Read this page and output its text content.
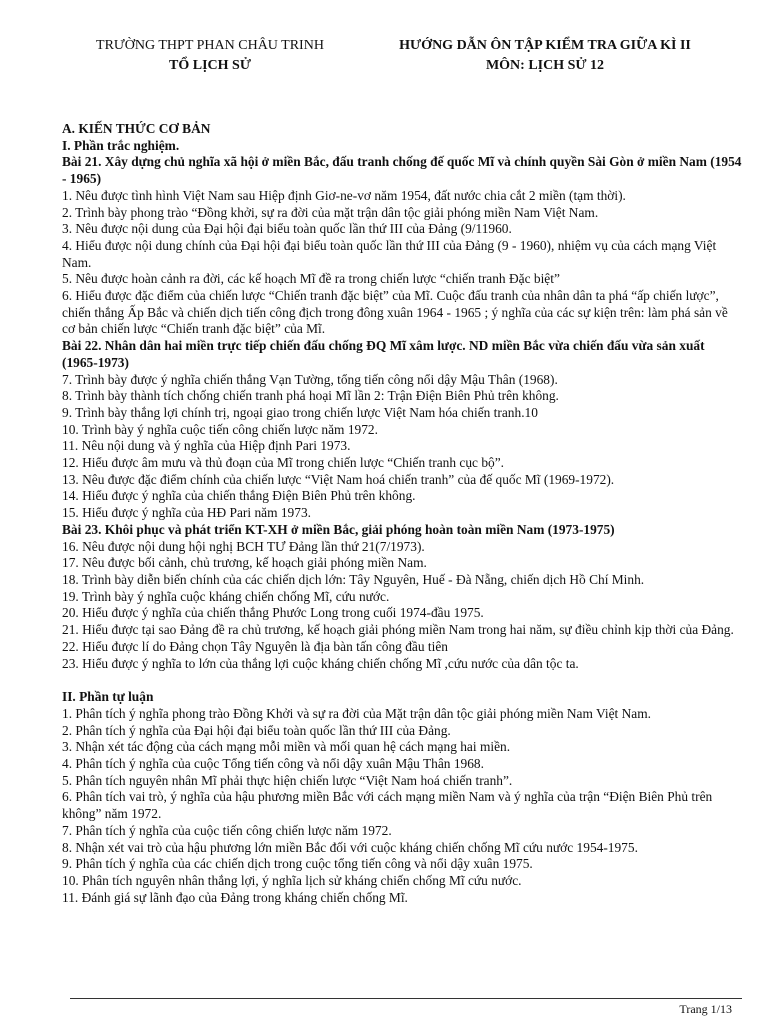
TRƯỜNG THPT PHAN CHÂU TRINH
TỔ LỊCH SỬ
HƯỚNG DẪN ÔN TẬP KIỂM TRA GIỮA KÌ II
MÔN: LỊCH SỬ 12

A. KIẾN THỨC CƠ BẢN

I. Phần trắc nghiệm.

Bài 21. Xây dựng chủ nghĩa xã hội ở miền Bắc, đấu tranh chống đế quốc Mĩ và chính quyền Sài Gòn ở miền Nam (1954 - 1965)

1. Nêu được tình hình Việt Nam sau Hiệp định Giơ-ne-vơ năm 1954, đất nước chia cắt 2 miền (tạm thời).

2. Trình bày phong trào “Đồng khởi, sự ra đời của mặt trận dân tộc giải phóng miền Nam Việt Nam.

3. Nêu được nội dung của Đại hội đại biểu toàn quốc lần thứ III của Đảng (9/11960.

4. Hiểu được nội dung chính của Đại hội đại biểu toàn quốc lần thứ III của Đảng (9 - 1960), nhiệm vụ của cách mạng Việt Nam.

5. Nêu được hoàn cảnh ra đời, các kế hoạch Mĩ đề ra trong chiến lược “chiến tranh Đặc biệt”

6. Hiểu được đặc điểm của chiến lược “Chiến tranh đặc biệt” của Mĩ. Cuộc đấu tranh của nhân dân ta phá “ấp chiến lược”, chiến thắng Ấp Bắc và chiến dịch tiến công địch trong đông xuân 1964 - 1965 ; ý nghĩa của các sự kiện trên: làm phá sản về cơ bản chiến lược “Chiến tranh đặc biệt” của Mĩ.

Bài 22. Nhân dân hai miền trực tiếp chiến đấu chống ĐQ Mĩ xâm lược. ND miền Bắc vừa chiến đấu vừa sản xuất (1965-1973)

7. Trình bày được ý nghĩa chiến thắng Vạn Tường, tổng tiến công nổi dậy Mậu Thân (1968).

8. Trình bày thành tích chống chiến tranh phá hoại Mĩ lần 2: Trận Điện Biên Phủ trên không.

9. Trình bày thắng lợi chính trị, ngoại giao trong chiến lược Việt Nam hóa chiến tranh.10

10. Trình bày ý nghĩa cuộc tiến công chiến lược năm 1972.

11. Nêu nội dung và ý nghĩa của Hiệp định Pari 1973.

12. Hiểu được âm mưu và thủ đoạn của Mĩ trong chiến lược “Chiến tranh cục bộ”.

13. Nêu được đặc điểm chính của chiến lược “Việt Nam hoá chiến tranh” của đế quốc Mĩ (1969-1972).

14. Hiểu được ý nghĩa của chiến thắng Điện Biên Phủ trên không.

15. Hiểu được ý nghĩa của HĐ Pari năm 1973.

Bài 23. Khôi phục và phát triển KT-XH ở miền Bắc, giải phóng hoàn toàn miền Nam (1973-1975)

16. Nêu được nội dung hội nghị BCH TƯ Đảng lần thứ 21(7/1973).

17. Nêu được bối cảnh, chủ trương, kế hoạch giải phóng miền Nam.

18. Trình bày diễn biến chính của các chiến dịch lớn: Tây Nguyên, Huế - Đà Nẵng, chiến dịch Hồ Chí Minh.

19. Trình bày ý nghĩa cuộc kháng chiến chống Mĩ, cứu nước.

20. Hiểu được ý nghĩa của chiến thắng Phước Long trong cuối 1974-đầu 1975.

21. Hiểu được tại sao Đảng đề ra chủ trương, kế hoạch giải phóng miền Nam trong hai năm, sự điều chỉnh kịp thời của Đảng.

22. Hiểu được lí do Đảng chọn Tây Nguyên là địa bàn tấn công đầu tiên

23. Hiểu được ý nghĩa to lớn của thắng lợi cuộc kháng chiến chống Mĩ ,cứu nước của dân tộc ta.

II. Phần tự luận

1. Phân tích ý nghĩa phong trào Đồng Khởi và sự ra đời của Mặt trận dân tộc giải phóng miền Nam Việt Nam.

2. Phân tích ý nghĩa của Đại hội đại biểu toàn quốc lần thứ III của Đảng.

3. Nhận xét tác động của cách mạng mỗi miền và mối quan hệ cách mạng hai miền.

4. Phân tích ý nghĩa của cuộc Tổng tiến công và nổi dậy xuân Mậu Thân 1968.

5. Phân tích nguyên nhân Mĩ phải thực hiện chiến lược “Việt Nam hoá chiến tranh”.

6. Phân tích vai trò, ý nghĩa của hậu phương miền Bắc với cách mạng miền Nam và ý nghĩa của trận “Điện Biên Phủ trên không” năm 1972.

7. Phân tích ý nghĩa của cuộc tiến công chiến lược năm 1972.

8. Nhận xét vai trò của hậu phương lớn miền Bắc đối với cuộc kháng chiến chống Mĩ cứu nước 1954-1975.

9. Phân tích ý nghĩa của các chiến dịch trong cuộc tổng tiến công và nổi dậy xuân 1975.

10. Phân tích nguyên nhân thắng lợi, ý nghĩa lịch sử kháng chiến chống Mĩ cứu nước.

11. Đánh giá sự lãnh đạo của Đảng trong kháng chiến chống Mĩ.

Trang 1/13
